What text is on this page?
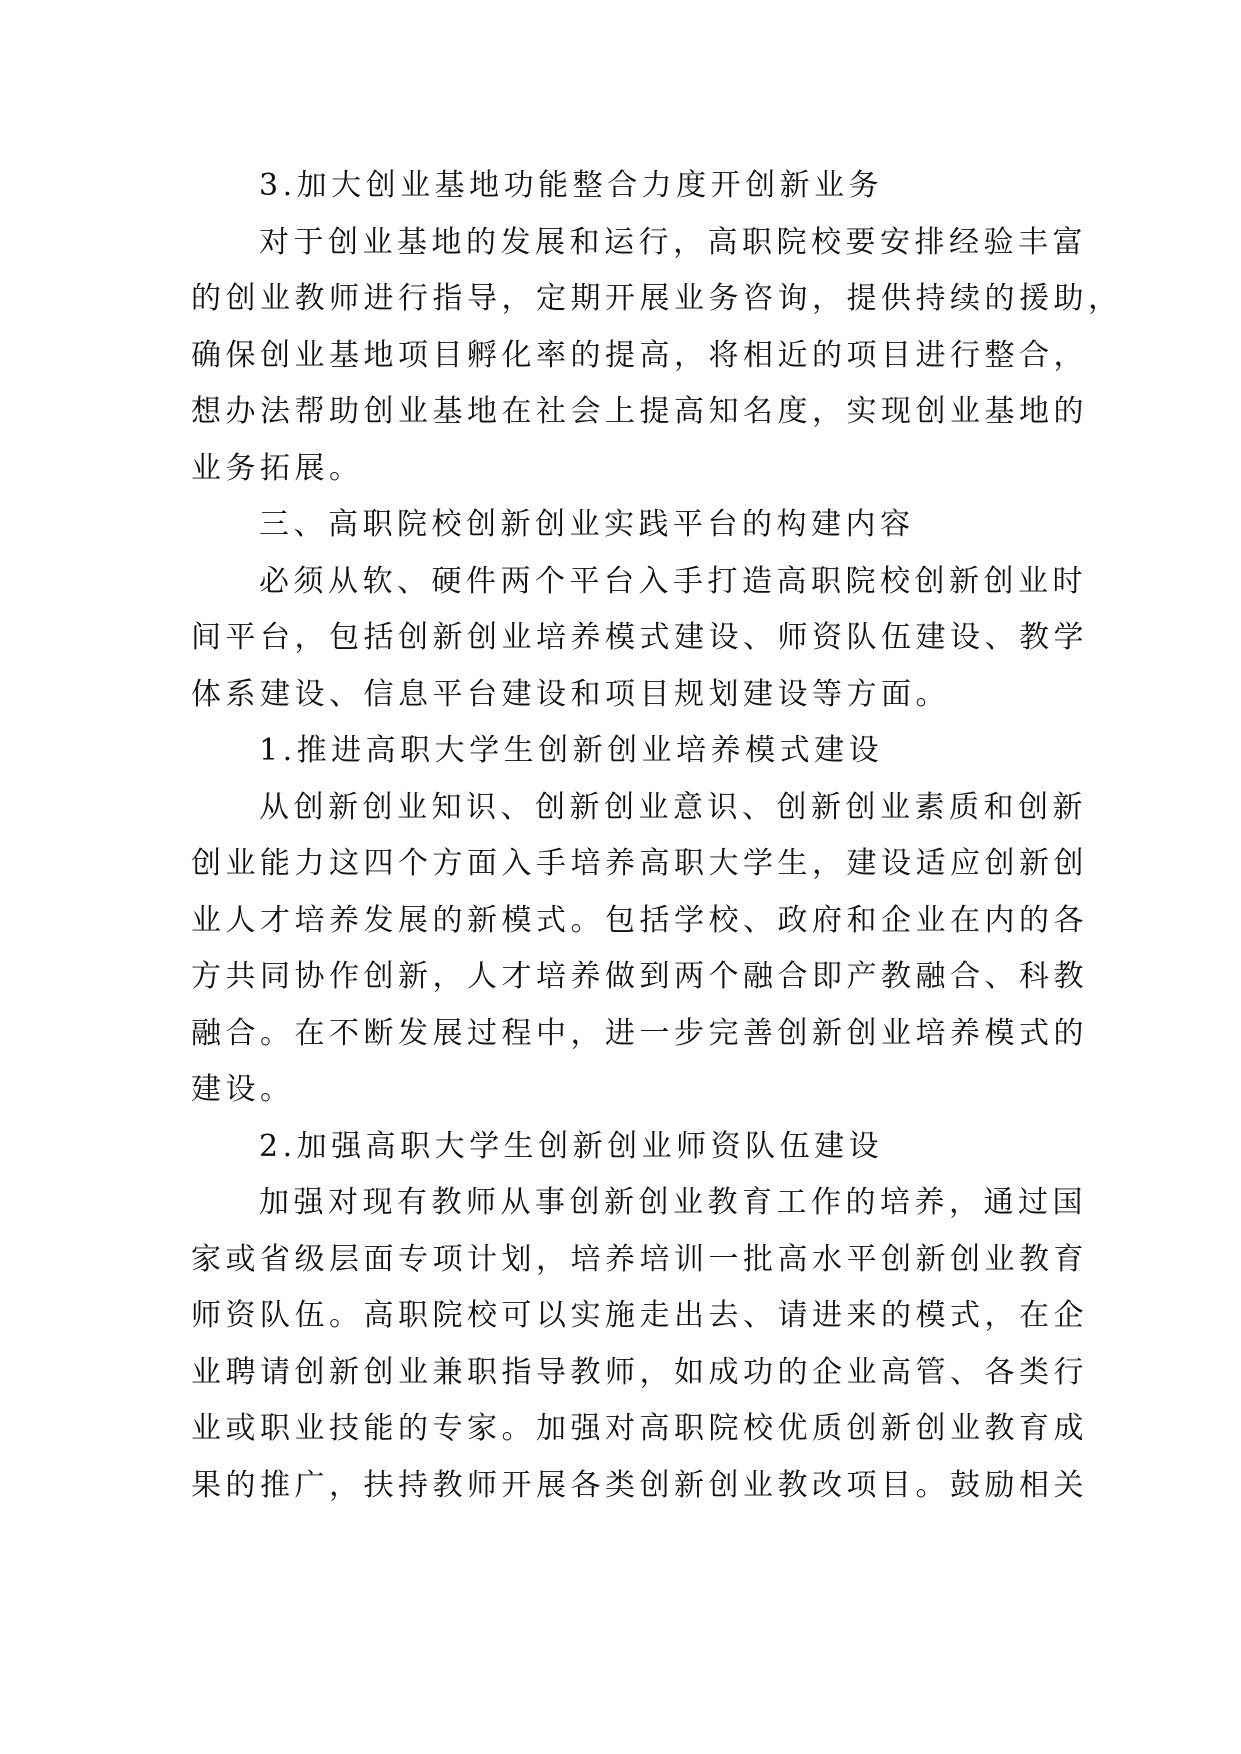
3.加大创业基地功能整合力度开创新业务

对于创业基地的发展和运行，高职院校要安排经验丰富
的创业教师进行指导，定期开展业务咨询，提供持续的援助，
确保创业基地项目孵化率的提高，将相近的项目进行整合，
想办法帮助创业基地在社会上提高知名度，实现创业基地的
业务拓展。

三、高职院校创新创业实践平台的构建内容

必须从软、硬件两个平台入手打造高职院校创新创业时
间平台，包括创新创业培养模式建设、师资队伍建设、教学
体系建设、信息平台建设和项目规划建设等方面。

1.推进高职大学生创新创业培养模式建设

从创新创业知识、创新创业意识、创新创业素质和创新
创业能力这四个方面入手培养高职大学生，建设适应创新创
业人才培养发展的新模式。包括学校、政府和企业在内的各
方共同协作创新，人才培养做到两个融合即产教融合、科教
融合。在不断发展过程中，进一步完善创新创业培养模式的
建设。

2.加强高职大学生创新创业师资队伍建设

加强对现有教师从事创新创业教育工作的培养，通过国
家或省级层面专项计划，培养培训一批高水平创新创业教育
师资队伍。高职院校可以实施走出去、请进来的模式，在企
业聘请创新创业兼职指导教师，如成功的企业高管、各类行
业或职业技能的专家。加强对高职院校优质创新创业教育成
果的推广，扶持教师开展各类创新创业教改项目。鼓励相关
